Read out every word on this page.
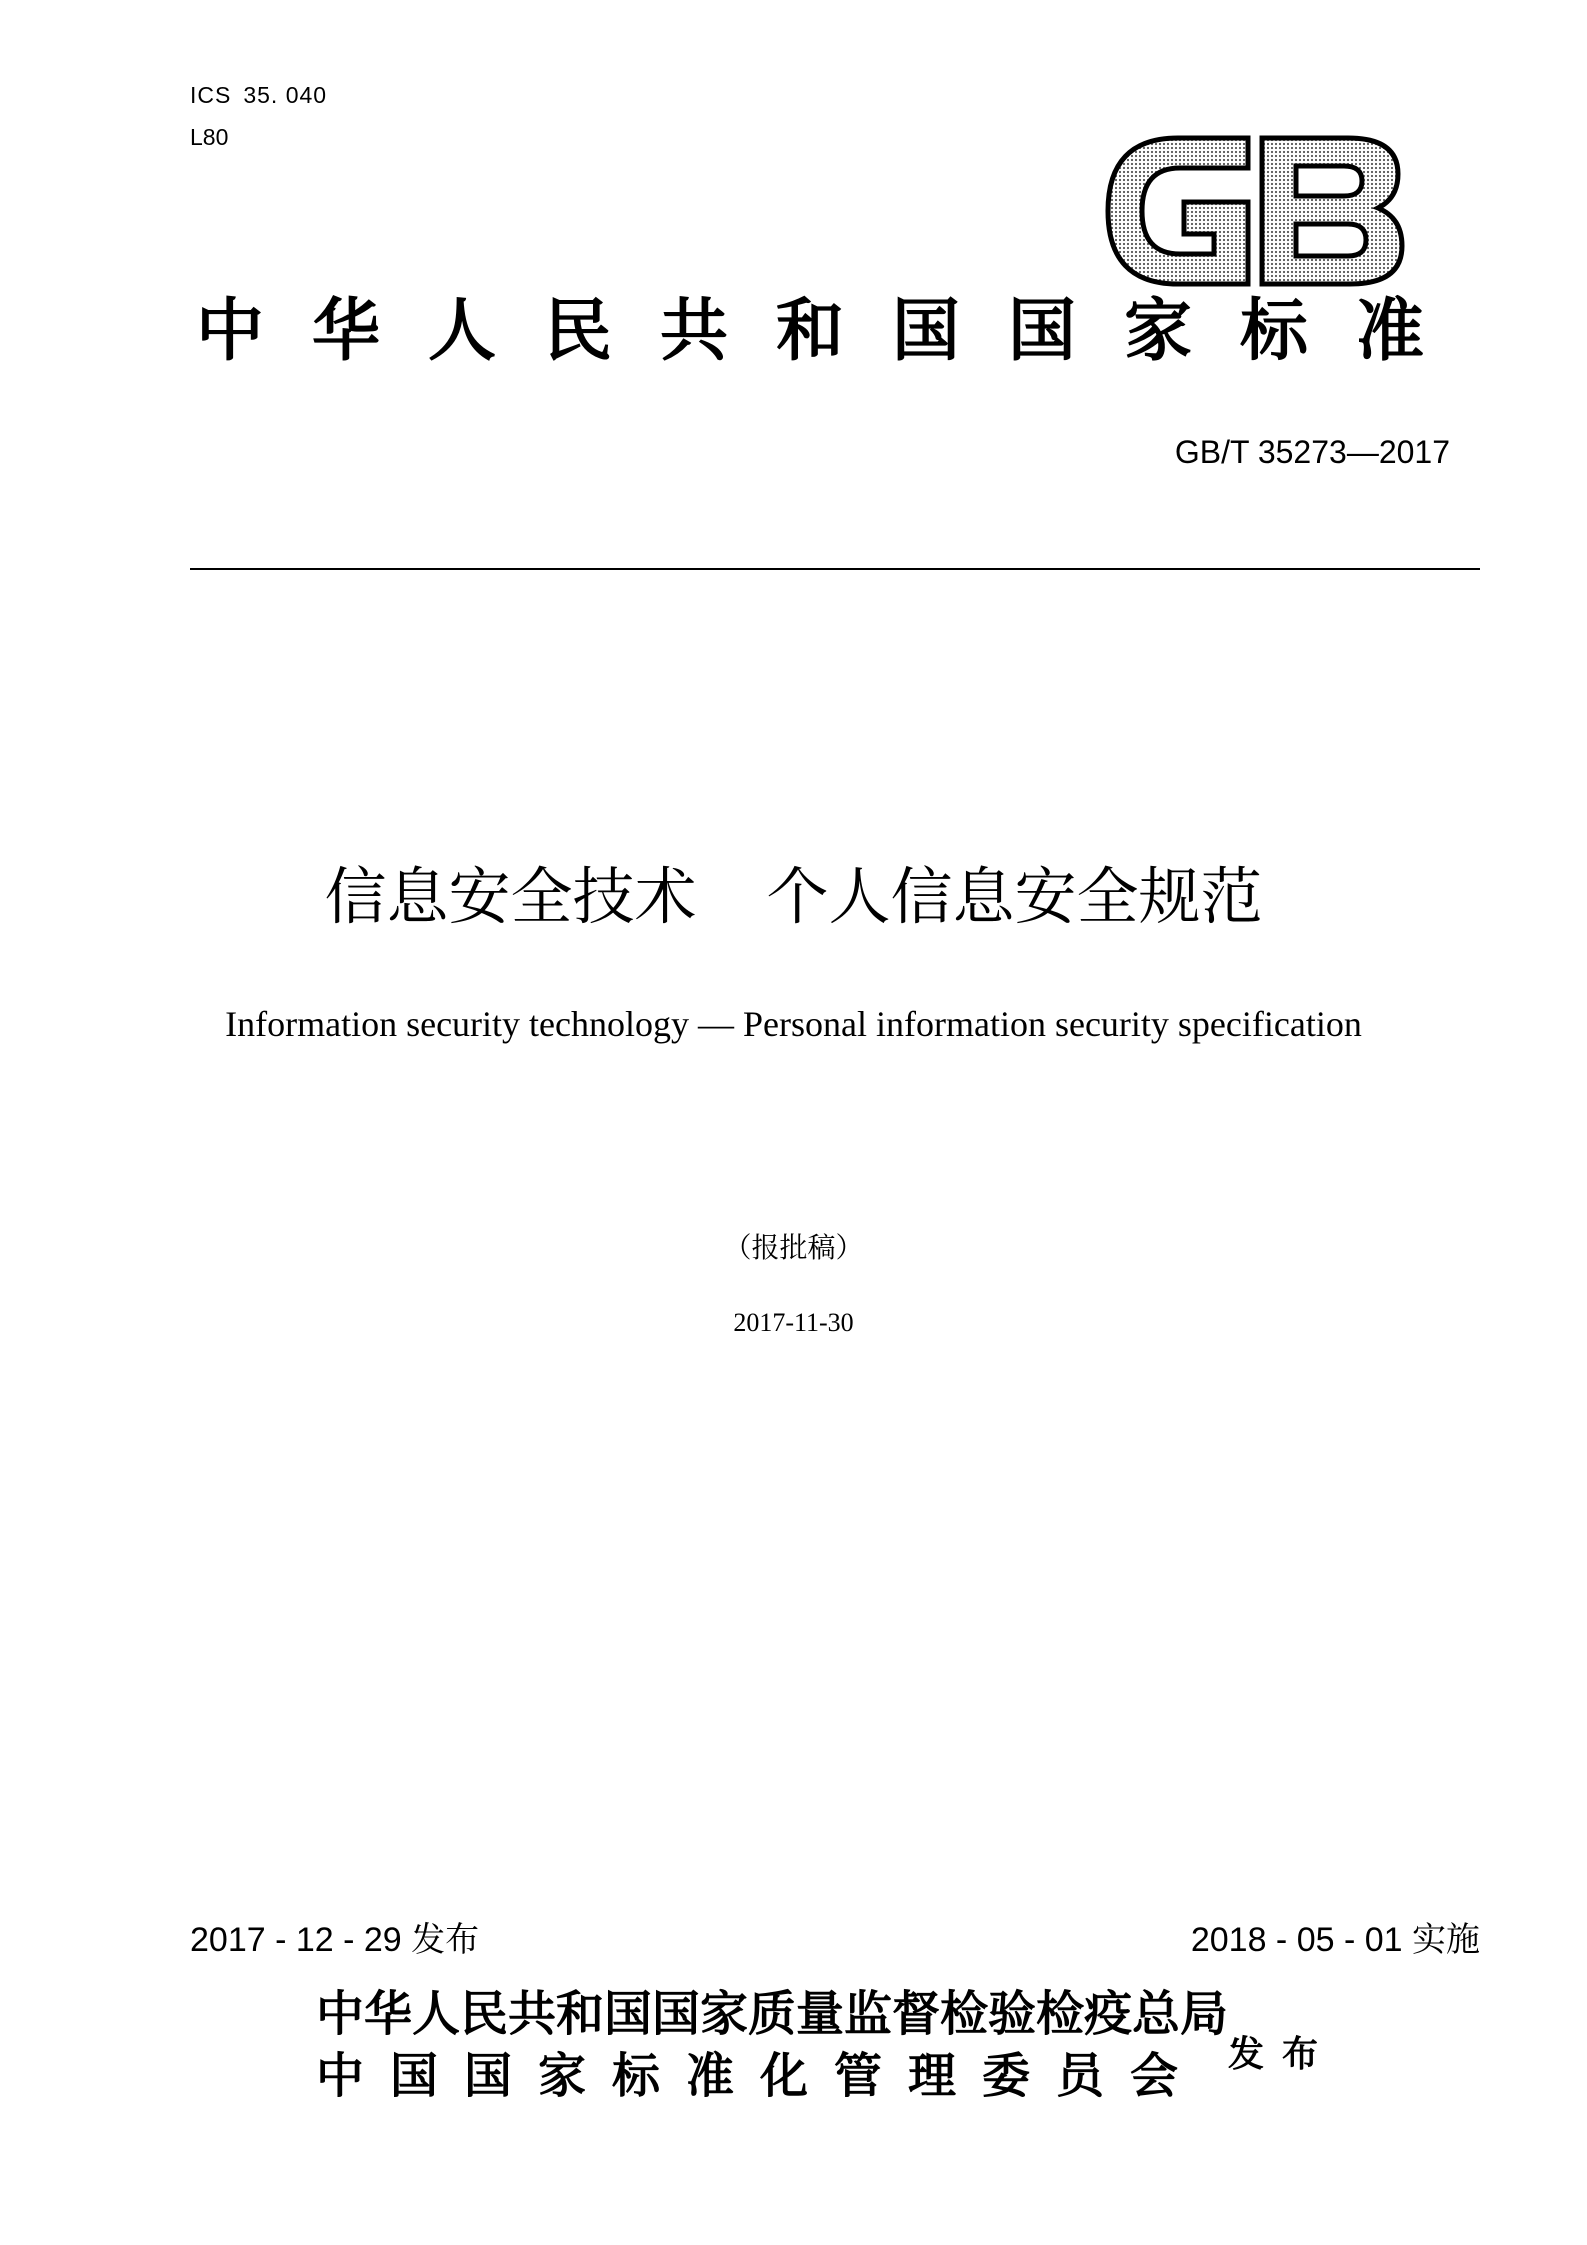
ICS 35. 040
L80
中华人民共和国国家标准
GB/T 35273—2017
信息安全技术 个人信息安全规范
Information security technology — Personal information security specification
（报批稿）
2017-11-30
2017 - 12 - 29 发布	2018 - 05 - 01 实施
中华人民共和国国家质量监督检验检疫总局
中国国家标准化管理委员会 发布
